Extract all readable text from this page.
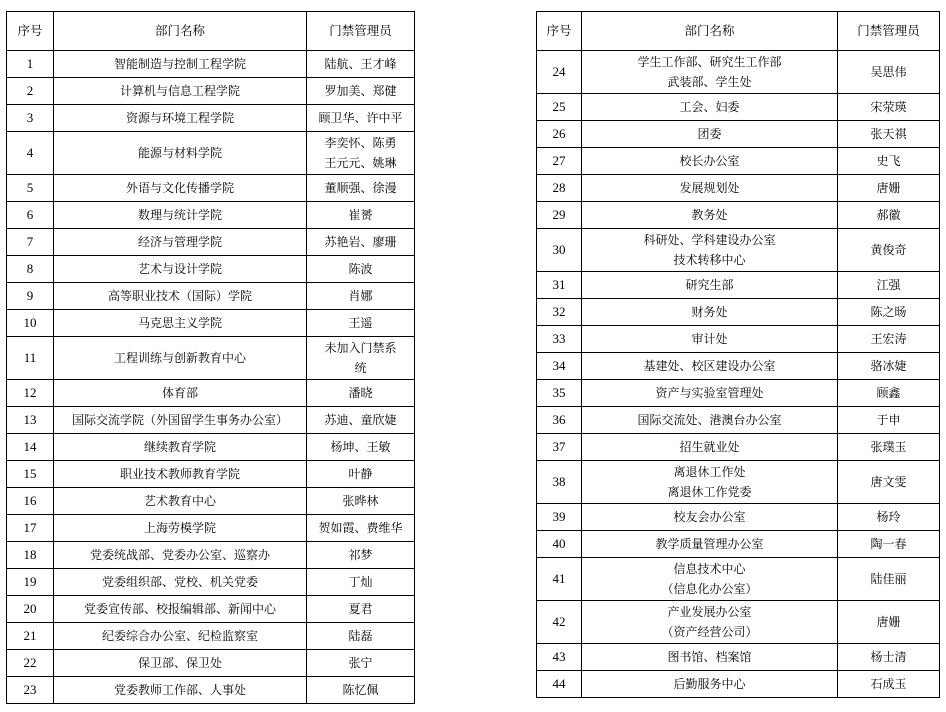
序号	部门名称	门禁管理员
1	智能制造与控制工程学院	陆航、王才峰
2	计算机与信息工程学院	罗加美、郑健
3	资源与环境工程学院	顾卫华、许中平
4	能源与材料学院	李奕怀、陈勇
王元元、姚琳
5	外语与文化传播学院	董顺强、徐漫
6	数理与统计学院	崔赟
7	经济与管理学院	苏艳岩、廖珊
8	艺术与设计学院	陈波
9	高等职业技术（国际）学院	肖娜
10	马克思主义学院	王遥
11	工程训练与创新教育中心	未加入门禁系
统
12	体育部	潘晓
13	国际交流学院（外国留学生事务办公室）	苏迪、童欣婕
14	继续教育学院	杨坤、王敏
15	职业技术教师教育学院	叶静
16	艺术教育中心	张晔林
17	上海劳模学院	贺如霞、费维华
18	党委统战部、党委办公室、巡察办	祁梦
19	党委组织部、党校、机关党委	丁灿
20	党委宣传部、校报编辑部、新闻中心	夏君
21	纪委综合办公室、纪检监察室	陆磊
22	保卫部、保卫处	张宁
23	党委教师工作部、人事处	陈忆佩
序号	部门名称	门禁管理员
24	学生工作部、研究生工作部
武装部、学生处	吴思伟
25	工会、妇委	宋荥瑛
26	团委	张天祺
27	校长办公室	史飞
28	发展规划处	唐姗
29	教务处	郝徽
30	科研处、学科建设办公室
技术转移中心	黄俊奇
31	研究生部	江强
32	财务处	陈之旸
33	审计处	王宏涛
34	基建处、校区建设办公室	骆冰婕
35	资产与实验室管理处	顾鑫
36	国际交流处、港澳台办公室	于申
37	招生就业处	张璞玉
38	离退休工作处
离退休工作党委	唐文雯
39	校友会办公室	杨玲
40	教学质量管理办公室	陶一春
41	信息技术中心
（信息化办公室）	陆佳丽
42	产业发展办公室
（资产经营公司）	唐姗
43	图书馆、档案馆	杨士清
44	后勤服务中心	石成玉
